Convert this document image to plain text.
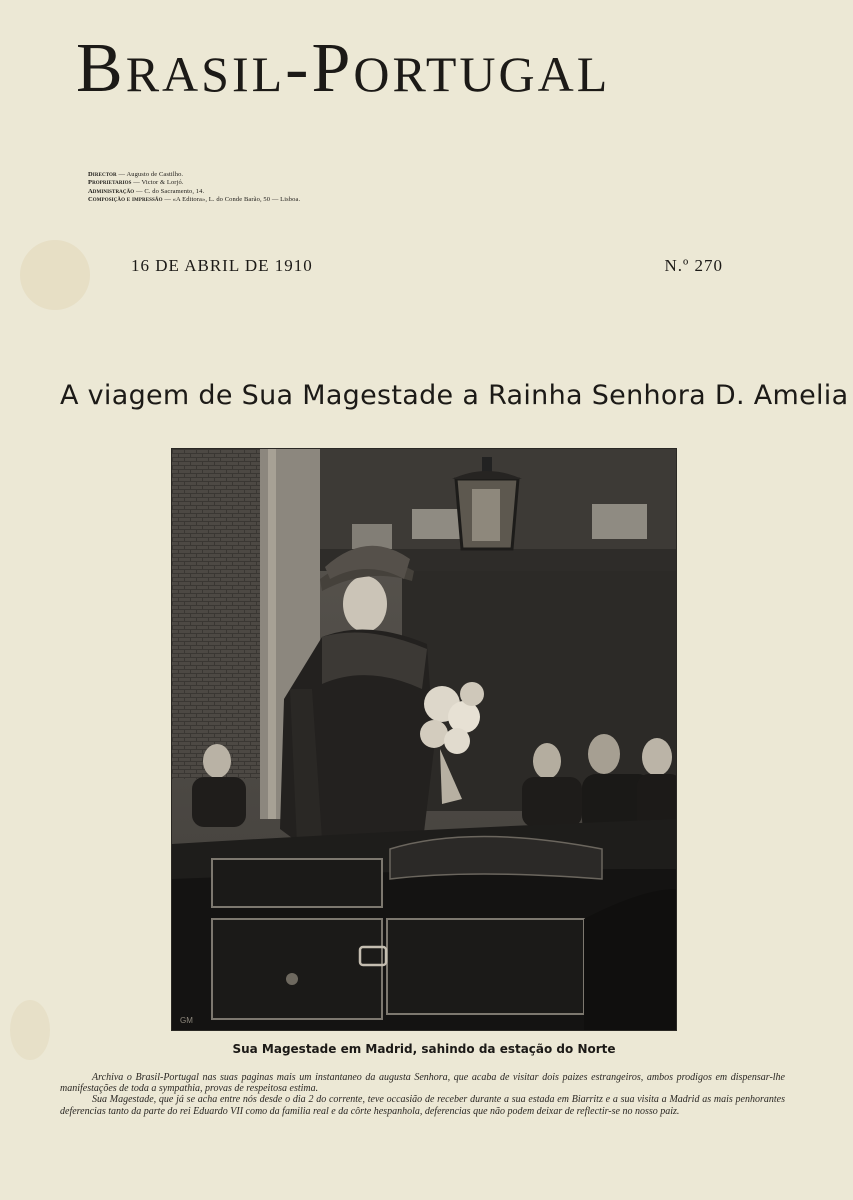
BRASIL-PORTUGAL
Director — Augusto de Castilho.
Proprietarios — Victor & Lorjó.
Administração — C. do Sacramento, 14.
Composição e impressão — «A Editora», L. do Conde Barão, 50 — Lisboa.
16 DE ABRIL DE 1910	N.º 270
A viagem de Sua Magestade a Rainha Senhora D. Amelia
GM
Sua Magestade em Madrid, sahindo da estação do Norte

Archiva o Brasil-Portugal nas suas paginas mais um instantaneo da augusta Senhora, que acaba de visitar dois paizes estrangeiros, ambos prodigos em dispensar-lhe manifestações de toda a sympathia, provas de respeitosa estima.

Sua Magestade, que já se acha entre nós desde o dia 2 do corrente, teve occasião de receber durante a sua estada em Biarritz e a sua visita a Madrid as mais penhorantes deferencias tanto da parte do rei Eduardo VII como da familia real e da côrte hespanhola, deferencias que não podem deixar de reflectir-se no nosso paiz.
